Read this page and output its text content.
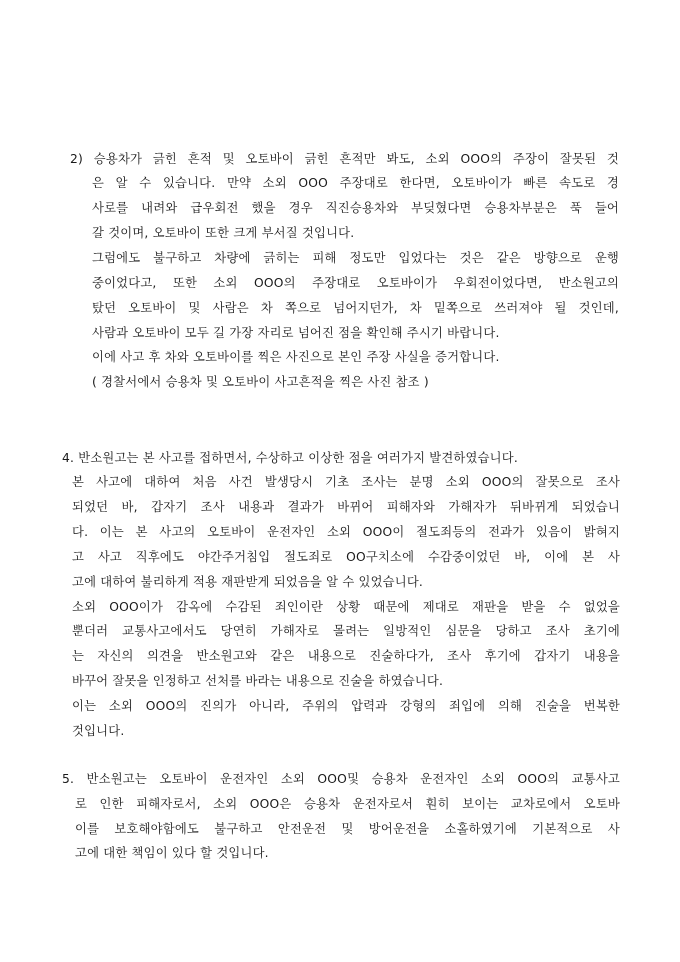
2) 승용차가 긁힌 흔적 및 오토바이 긁힌 흔적만 봐도, 소외 OOO의 주장이 잘못된 것
은 알 수 있습니다. 만약 소외 OOO 주장대로 한다면, 오토바이가 빠른 속도로 경
사로를 내려와 급우회전 했을 경우 직진승용차와 부딪혔다면 승용차부분은 푹 들어
갈 것이며, 오토바이 또한 크게 부서질 것입니다.
그럼에도 불구하고 차량에 긁히는 피해 정도만 입었다는 것은 같은 방향으로 운행
중이었다고, 또한 소외 OOO의 주장대로 오토바이가 우회전이었다면, 반소원고의
탔던 오토바이 및 사람은 차 쪽으로 넘어지던가, 차 밑쪽으로 쓰러져야 될 것인데,
사람과 오토바이 모두 길 가장 자리로 넘어진 점을 확인해 주시기 바랍니다.
이에 사고 후 차와 오토바이를 찍은 사진으로 본인 주장 사실을 증거합니다.
( 경찰서에서 승용차 및 오토바이 사고흔적을 찍은 사진 참조 )
4. 반소원고는 본 사고를 접하면서, 수상하고 이상한 점을 여러가지 발견하였습니다.
본 사고에 대하여 처음 사건 발생당시 기초 조사는 분명 소외 OOO의 잘못으로 조사
되었던 바, 갑자기 조사 내용과 결과가 바뀌어 피해자와 가해자가 뒤바뀌게 되었습니
다. 이는 본 사고의 오토바이 운전자인 소외 OOO이 절도죄등의 전과가 있음이 밝혀지
고 사고 직후에도 야간주거침입 절도죄로 OO구치소에 수감중이었던 바, 이에 본 사
고에 대하여 불리하게 적용 재판받게 되었음을 알 수 있었습니다.
소외 OOO이가 감옥에 수감된 죄인이란 상황 때문에 제대로 재판을 받을 수 없었을
뿐더러 교통사고에서도 당연히 가해자로 몰려는 일방적인 심문을 당하고 조사 초기에
는 자신의 의견을 반소원고와 같은 내용으로 진술하다가, 조사 후기에 갑자기 내용을
바꾸어 잘못을 인정하고 선처를 바라는 내용으로 진술을 하였습니다.
이는 소외 OOO의 진의가 아니라, 주위의 압력과 강형의 죄입에 의해 진술을 번복한
것입니다.
5. 반소원고는 오토바이 운전자인 소외 OOO및 승용차 운전자인 소외 OOO의 교통사고
로 인한 피해자로서, 소외 OOO은 승용차 운전자로서 훤히 보이는 교차로에서 오토바
이를 보호해야함에도 불구하고 안전운전 및 방어운전을 소홀하였기에 기본적으로 사
고에 대한 책임이 있다 할 것입니다.
